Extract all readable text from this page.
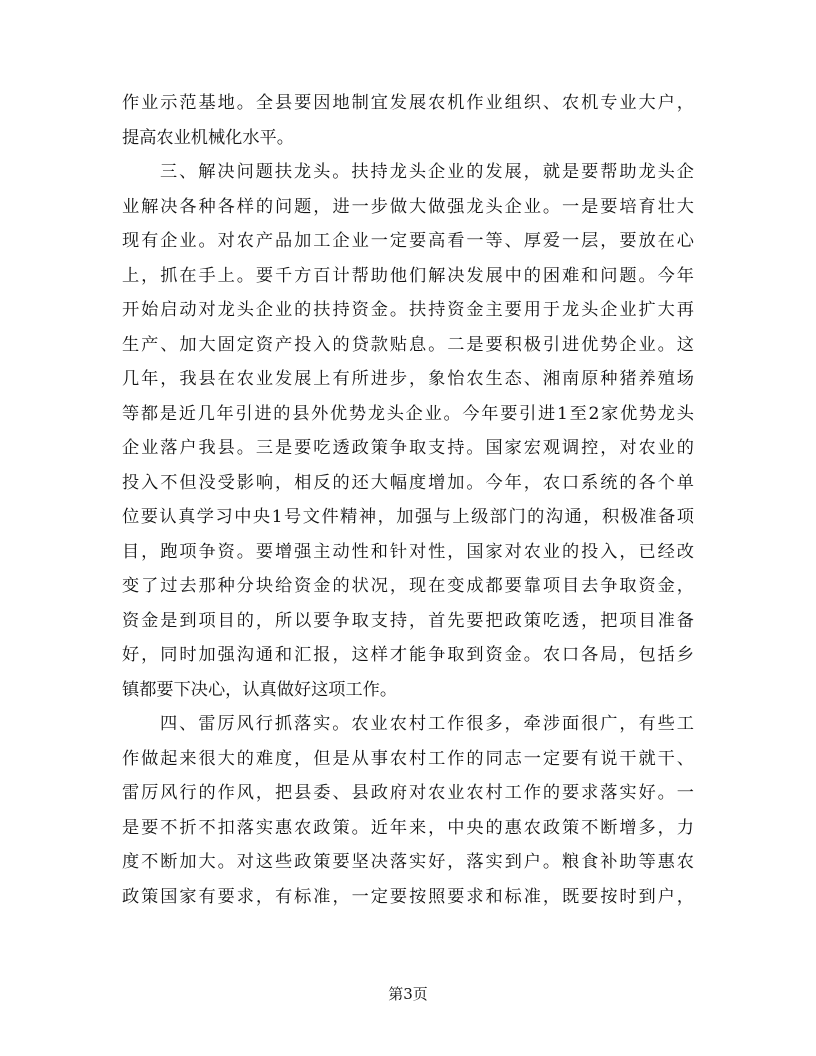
作业示范基地。全县要因地制宜发展农机作业组织、农机专业大户，
提高农业机械化水平。
三、解决问题扶龙头。扶持龙头企业的发展，就是要帮助龙头企
业解决各种各样的问题，进一步做大做强龙头企业。一是要培育壮大
现有企业。对农产品加工企业一定要高看一等、厚爱一层，要放在心
上，抓在手上。要千方百计帮助他们解决发展中的困难和问题。今年
开始启动对龙头企业的扶持资金。扶持资金主要用于龙头企业扩大再
生产、加大固定资产投入的贷款贴息。二是要积极引进优势企业。这
几年，我县在农业发展上有所进步，象怡农生态、湘南原种猪养殖场
等都是近几年引进的县外优势龙头企业。今年要引进1至2家优势龙头
企业落户我县。三是要吃透政策争取支持。国家宏观调控，对农业的
投入不但没受影响，相反的还大幅度增加。今年，农口系统的各个单
位要认真学习中央1号文件精神，加强与上级部门的沟通，积极准备项
目，跑项争资。要增强主动性和针对性，国家对农业的投入，已经改
变了过去那种分块给资金的状况，现在变成都要靠项目去争取资金，
资金是到项目的，所以要争取支持，首先要把政策吃透，把项目准备
好，同时加强沟通和汇报，这样才能争取到资金。农口各局，包括乡
镇都要下决心，认真做好这项工作。
四、雷厉风行抓落实。农业农村工作很多，牵涉面很广，有些工
作做起来很大的难度，但是从事农村工作的同志一定要有说干就干、
雷厉风行的作风，把县委、县政府对农业农村工作的要求落实好。一
是要不折不扣落实惠农政策。近年来，中央的惠农政策不断增多，力
度不断加大。对这些政策要坚决落实好，落实到户。粮食补助等惠农
政策国家有要求，有标准，一定要按照要求和标准，既要按时到户，
第3页
